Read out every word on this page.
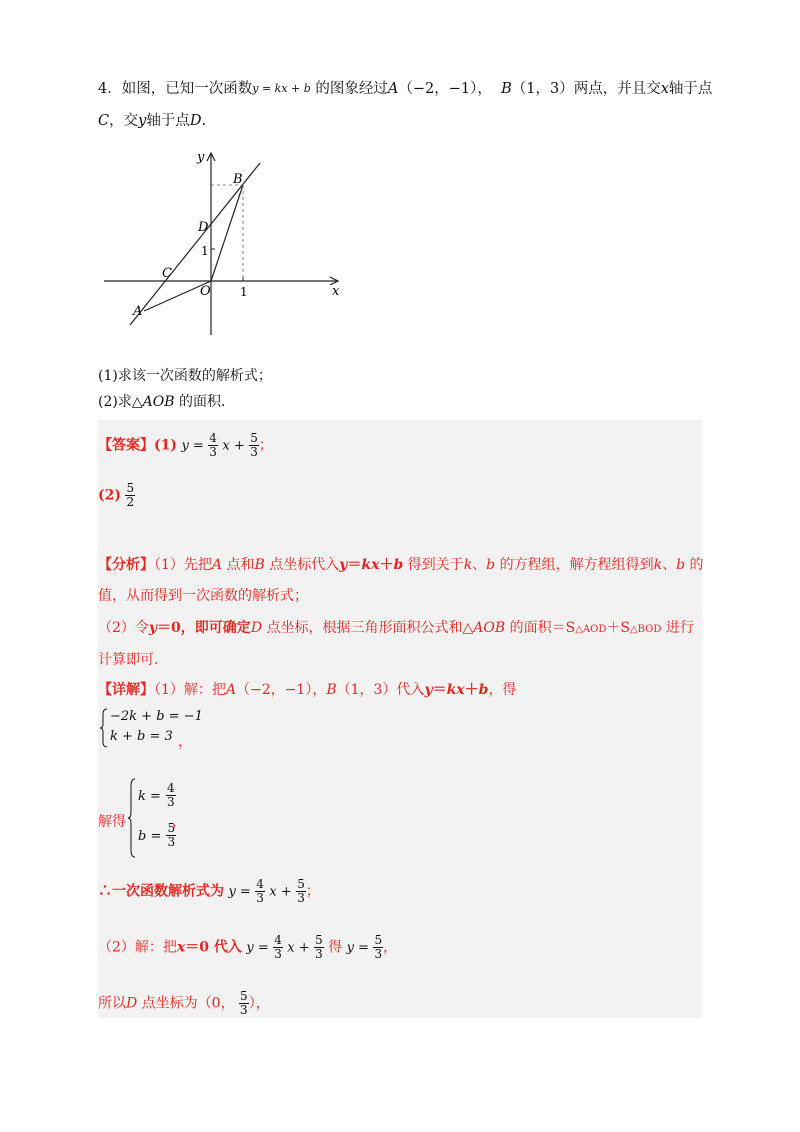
4．如图，已知一次函数$^{y = kx + b}$ 的图象经过A（−2，−1）， B（1，3）两点，并且交x轴于点
C，交y轴于点D.
y
x
B
D
1
C
O 1
A
(1)求该一次函数的解析式；
(2)求△AOB 的面积．
【答案】(1) $y = \frac{4}{3}$ $x + \frac{5}{3}$ ；
$(2) \frac{5}{2}$
【分析】（1）先把A 点和B 点坐标代入y＝kx＋b 得到关于k、b 的方程组，解方程组得到k、b 的
值，从而得到一次函数的解析式；
（2）令y＝0，即可确定D 点坐标，根据三角形面积公式和△AOB 的面积＝S△AOD＋S△BOD 进行
计算即可.
【详解】（1）解：把A（−2，−1），B（1，3）代入y＝kx＋b，得
−2k + b = −1
k + b = 3 ，
解得
$k = \frac{4}{3}$
$b = \frac{5}{3}$
，
∴一次函数解析式为 $y = \frac{4}{3}$ $x + \frac{5}{3}$ ；
（2）解：把x＝0 代入 $y = \frac{4}{3}$ $x + \frac{5}{3}$ 得 $y = \frac{5}{3}$ ，
所以D 点坐标为（0， $\frac{5}{3}$ ），
